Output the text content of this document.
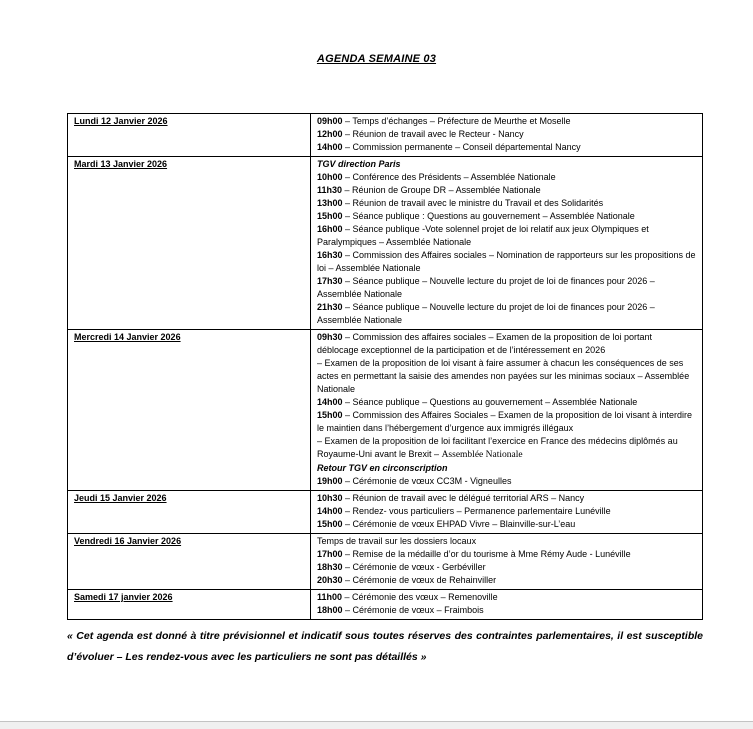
AGENDA SEMAINE 03
Lundi 12 Janvier 2026	09h00 – Temps d’échanges – Préfecture de Meurthe et Moselle
12h00 – Réunion de travail avec le Recteur - Nancy
14h00 – Commission permanente – Conseil départemental Nancy

Mardi 13 Janvier 2026	TGV direction Paris
10h00 – Conférence des Présidents – Assemblée Nationale
11h30 – Réunion de Groupe DR – Assemblée Nationale
13h00 – Réunion de travail avec le ministre du Travail et des Solidarités
15h00 – Séance publique : Questions au gouvernement – Assemblée Nationale
16h00 – Séance publique -Vote solennel projet de loi relatif aux jeux Olympiques et Paralympiques – Assemblée Nationale
16h30 – Commission des Affaires sociales – Nomination de rapporteurs sur les propositions de loi – Assemblée Nationale
17h30 – Séance publique – Nouvelle lecture du projet de loi de finances pour 2026 – Assemblée Nationale
21h30 – Séance publique – Nouvelle lecture du projet de loi de finances pour 2026 – Assemblée Nationale

Mercredi 14 Janvier 2026	09h30 – Commission des affaires sociales – Examen de la proposition de loi portant déblocage exceptionnel de la participation et de l’intéressement en 2026
– Examen de la proposition de loi visant à faire assumer à chacun les conséquences de ses actes en permettant la saisie des amendes non payées sur les minimas sociaux – Assemblée Nationale
14h00 – Séance publique – Questions au gouvernement – Assemblée Nationale
15h00 – Commission des Affaires Sociales – Examen de la proposition de loi visant à interdire le maintien dans l’hébergement d’urgence aux immigrés illégaux
– Examen de la proposition de loi facilitant l’exercice en France des médecins diplômés au Royaume-Uni avant le Brexit – Assemblée Nationale
Retour TGV en circonscription
19h00 – Cérémonie de vœux CC3M - Vigneulles

Jeudi 15 Janvier 2026	10h30 – Réunion de travail avec le délégué territorial ARS – Nancy
14h00 – Rendez- vous particuliers – Permanence parlementaire Lunéville
15h00 – Cérémonie de vœux EHPAD Vivre – Blainville-sur-L’eau

Vendredi 16 Janvier 2026	Temps de travail sur les dossiers locaux
17h00 – Remise de la médaille d’or du tourisme à Mme Rémy Aude - Lunéville
18h30 – Cérémonie de vœux - Gerbéviller
20h30 – Cérémonie de vœux de Rehainviller

Samedi 17 janvier 2026	11h00 – Cérémonie des vœux – Remenoville
18h00 – Cérémonie de vœux – Fraimbois

« Cet agenda est donné à titre prévisionnel et indicatif sous toutes réserves des contraintes parlementaires, il est susceptible d’évoluer – Les rendez-vous avec les particuliers ne sont pas détaillés »
